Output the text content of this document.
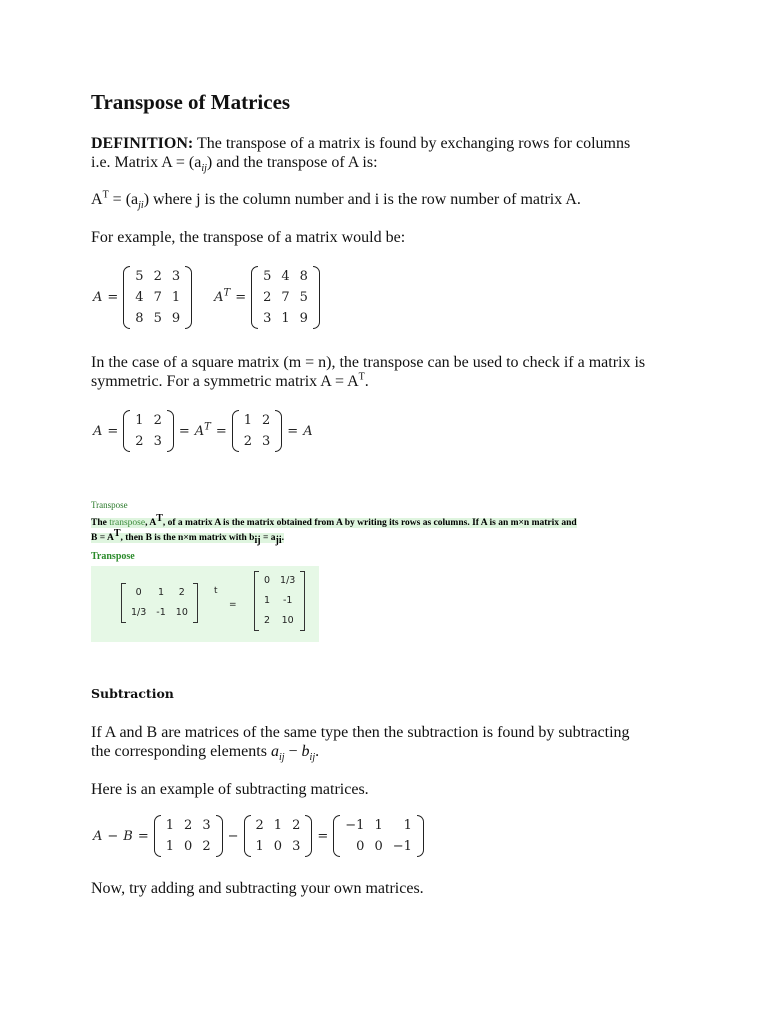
Transpose of Matrices

DEFINITION: The transpose of a matrix is found by exchanging rows for columns
i.e. Matrix $A = (a_{ij})$ and the transpose of A is:

$A^T = (a_{ji})$ where j is the column number and i is the row number of matrix A.

For example, the transpose of a matrix would be:

A =
5	2	3
4	7	1
8	5	9
$A^T$ =
5	4	8
2	7	5
3	1	9

In the case of a square matrix (m = n), the transpose can be used to check if a matrix is
symmetric. For a symmetric matrix $A = A^T$.

A =
1	2
2	3
= $A^T$ =
1	2
2	3
= A
Transpose
The transpose, $A^T$, of a matrix A is the matrix obtained from A by writing its rows as columns. If A is an m×n matrix and
$B = A^T$, then B is the n×m matrix with $b_{ij} = a_{ji}$.
Transpose
0	1	2
1/3	-1	10
t
=
0	1/3
1	-1
2	10
Subtraction

If A and B are matrices of the same type then the subtraction is found by subtracting
the corresponding elements $a_{ij} - b_{ij}$.

Here is an example of subtracting matrices.

A − B =
1	2	3
1	0	2
−
2	1	2
1	0	3
=
−1	1	1
0	0	−1

Now, try adding and subtracting your own matrices.
